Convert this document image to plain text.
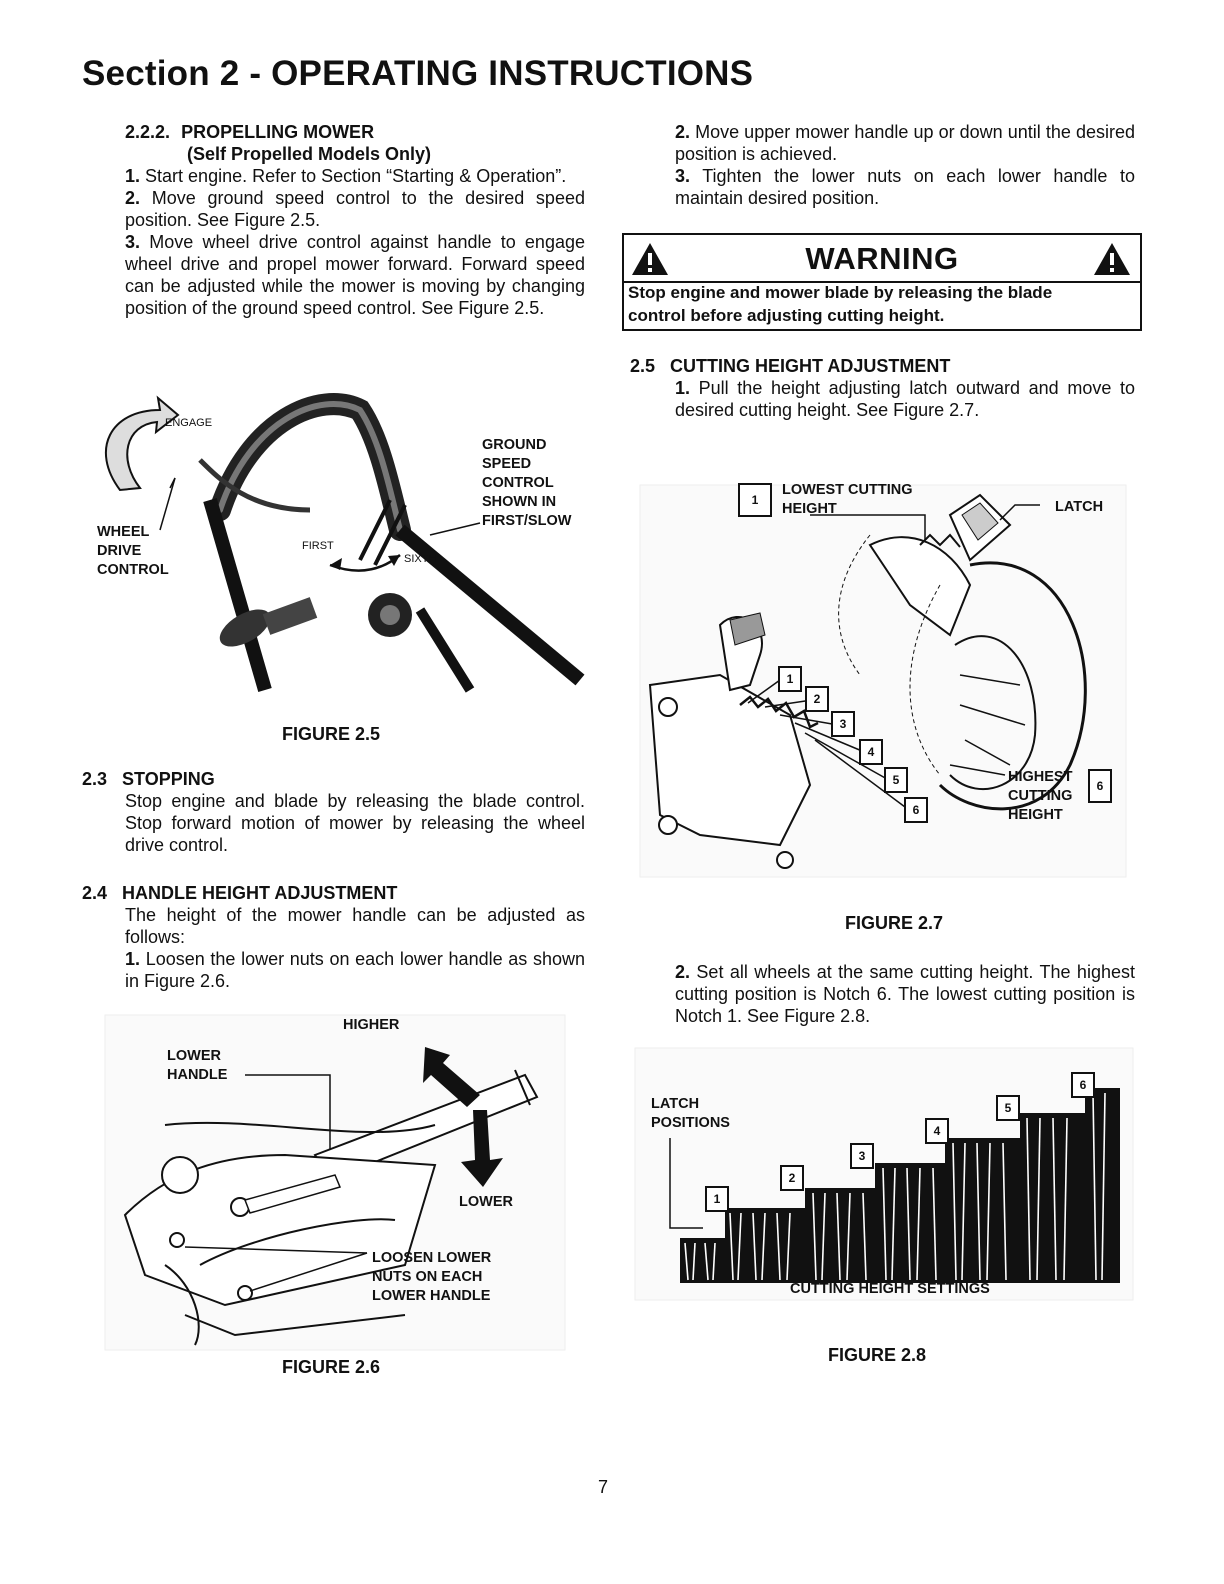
Section 2 - OPERATING INSTRUCTIONS
2.2.2. PROPELLING MOWER
(Self Propelled Models Only)

1. Start engine. Refer to Section “Starting & Operation”.

2. Move ground speed control to the desired speed position. See Figure 2.5.

3. Move wheel drive control against handle to engage wheel drive and propel mower forward. Forward speed can be adjusted while the mower is moving by changing position of the ground speed control. See Figure 2.5.

ENGAGE
WHEEL
DRIVE
CONTROL
GROUND
SPEED
CONTROL
SHOWN IN
FIRST/SLOW
FIRST
SIXTH
FIGURE 2.5
2.3 STOPPING

Stop engine and blade by releasing the blade control. Stop forward motion of mower by releasing the wheel drive control.

2.4 HANDLE HEIGHT ADJUSTMENT

The height of the mower handle can be adjusted as follows:

1. Loosen the lower nuts on each lower handle as shown in Figure 2.6.

HIGHER
LOWER
HANDLE
LOWER
LOOSEN LOWER
NUTS ON EACH
LOWER HANDLE
FIGURE 2.6

2. Move upper mower handle up or down until the desired position is achieved.

3. Tighten the lower nuts on each lower handle to maintain desired position.

WARNING
Stop engine and mower blade by releasing the blade
control before adjusting cutting height.
2.5 CUTTING HEIGHT ADJUSTMENT

1. Pull the height adjusting latch outward and move to desired cutting height. See Figure 2.7.

1
LOWEST CUTTING
HEIGHT	LATCH
1
2
3
4
5
6
HIGHEST
CUTTING
HEIGHT
6
FIGURE 2.7

2. Set all wheels at the same cutting height. The highest cutting position is Notch 6. The lowest cutting position is Notch 1. See Figure 2.8.

LATCH
POSITIONS
1
2
3
4
5
6
CUTTING HEIGHT SETTINGS
FIGURE 2.8
7
